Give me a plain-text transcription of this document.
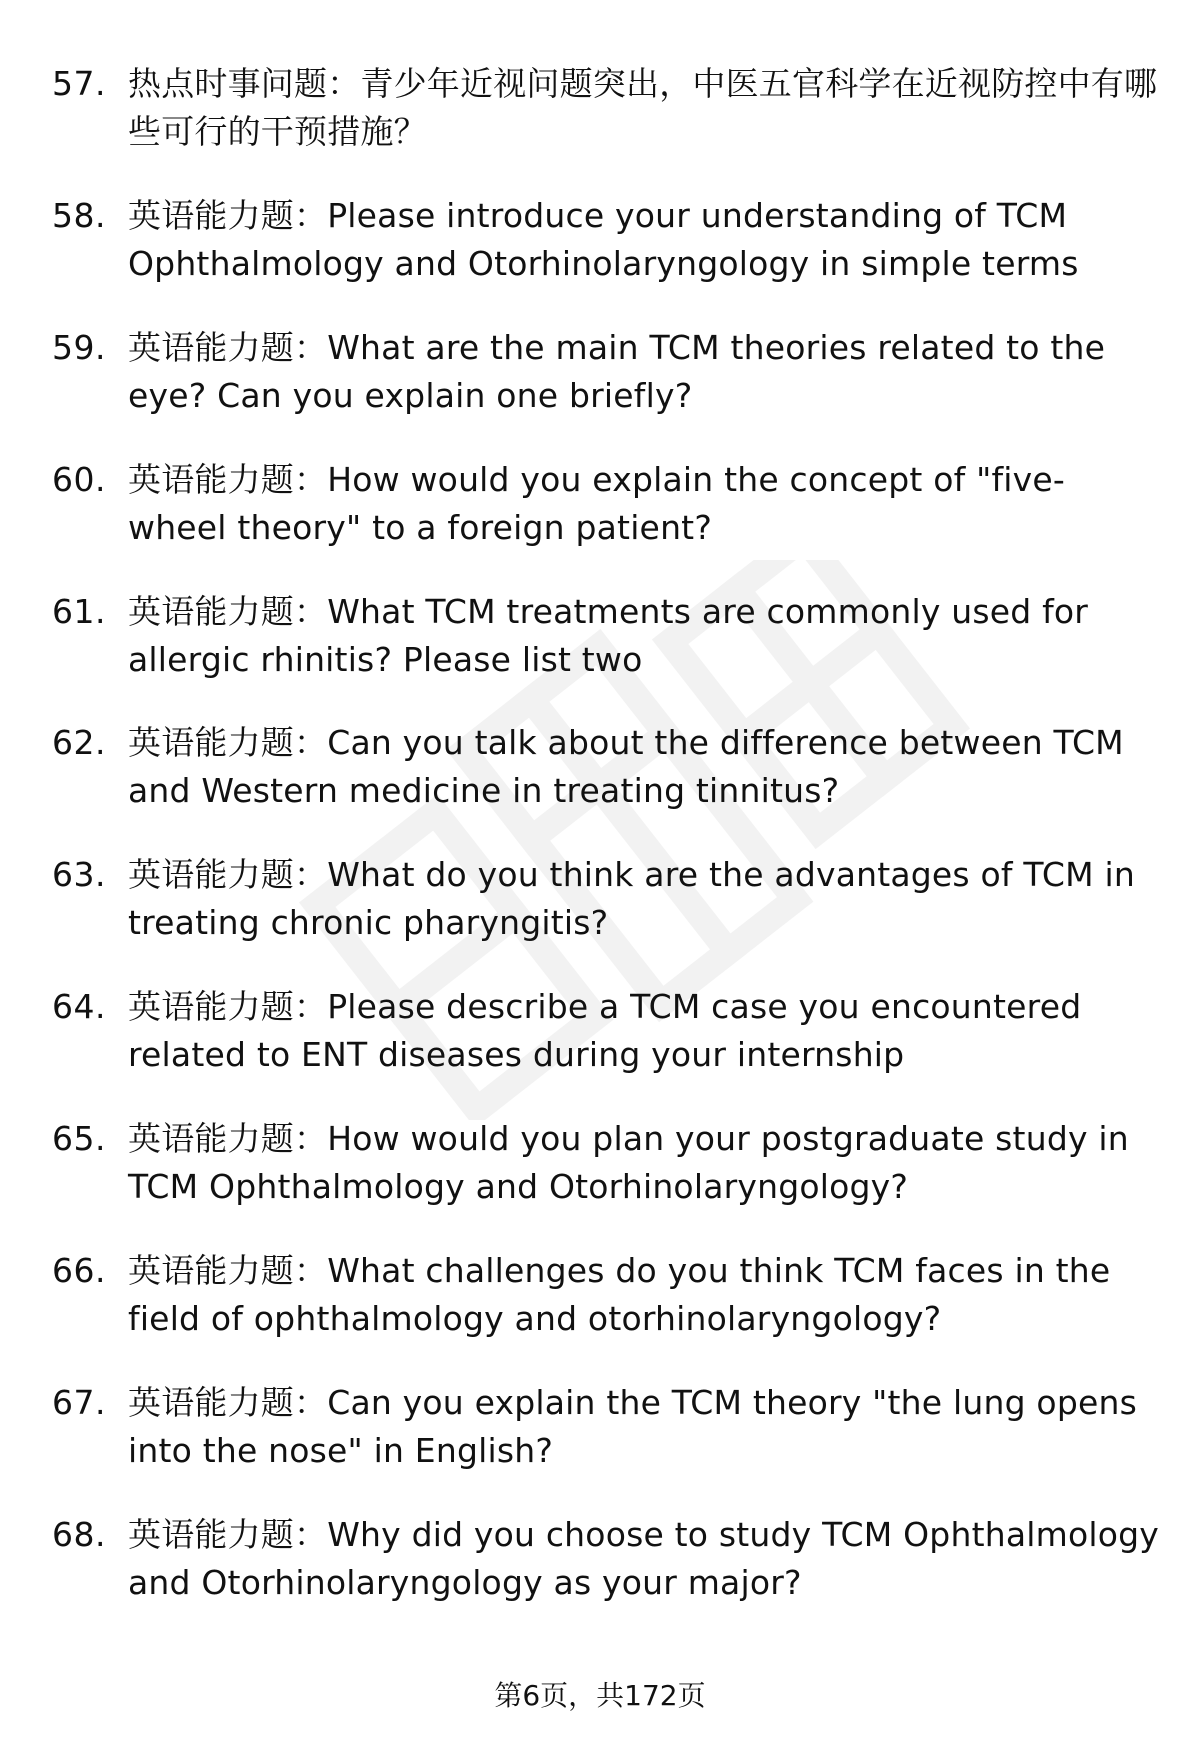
57. 热点时事问题：青少年近视问题突出，中医五官科学在近视防控中有哪些可行的干预措施？
58. 英语能力题：Please introduce your understanding of TCM Ophthalmology and Otorhinolaryngology in simple terms
59. 英语能力题：What are the main TCM theories related to the eye? Can you explain one briefly?
60. 英语能力题：How would you explain the concept of "five-wheel theory" to a foreign patient?
61. 英语能力题：What TCM treatments are commonly used for allergic rhinitis? Please list two
62. 英语能力题：Can you talk about the difference between TCM and Western medicine in treating tinnitus?
63. 英语能力题：What do you think are the advantages of TCM in treating chronic pharyngitis?
64. 英语能力题：Please describe a TCM case you encountered related to ENT diseases during your internship
65. 英语能力题：How would you plan your postgraduate study in TCM Ophthalmology and Otorhinolaryngology?
66. 英语能力题：What challenges do you think TCM faces in the field of ophthalmology and otorhinolaryngology?
67. 英语能力题：Can you explain the TCM theory "the lung opens into the nose" in English?
68. 英语能力题：Why did you choose to study TCM Ophthalmology and Otorhinolaryngology as your major?
第6页，共172页
